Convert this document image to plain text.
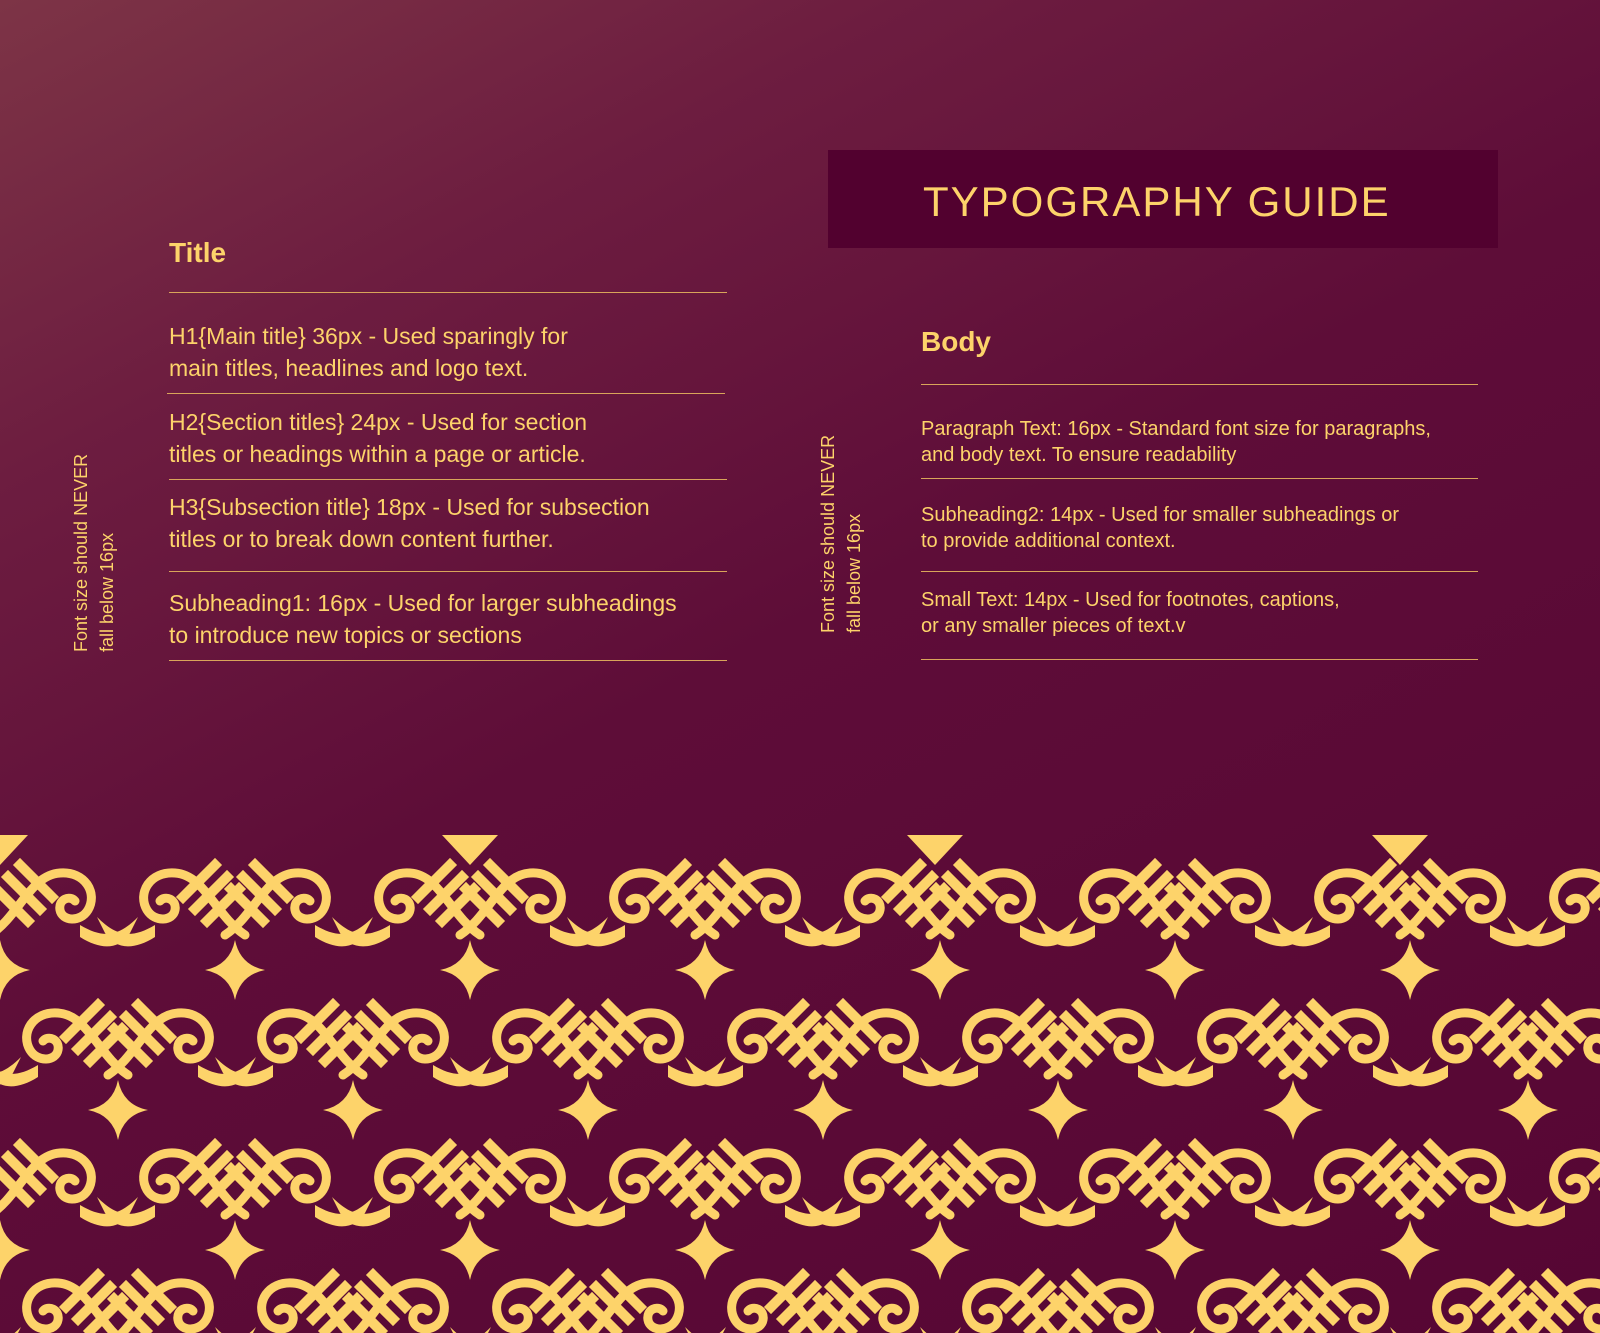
TYPOGRAPHY GUIDE
Title
H1{Main title} 36px - Used sparingly for
main titles, headlines and logo text.
H2{Section titles} 24px - Used for section
titles or headings within a page or article.
H3{Subsection title} 18px - Used for subsection
titles or to break down content further.
Subheading1: 16px - Used for larger subheadings
to introduce new topics or sections
Font size should NEVER fall below 16px
Body
Paragraph Text: 16px - Standard font size for paragraphs,
and body text. To ensure readability
Subheading2: 14px - Used for smaller subheadings or
to provide additional context.
Small Text: 14px - Used for footnotes, captions,
or any smaller pieces of text.v
Font size should NEVER fall below 16px
